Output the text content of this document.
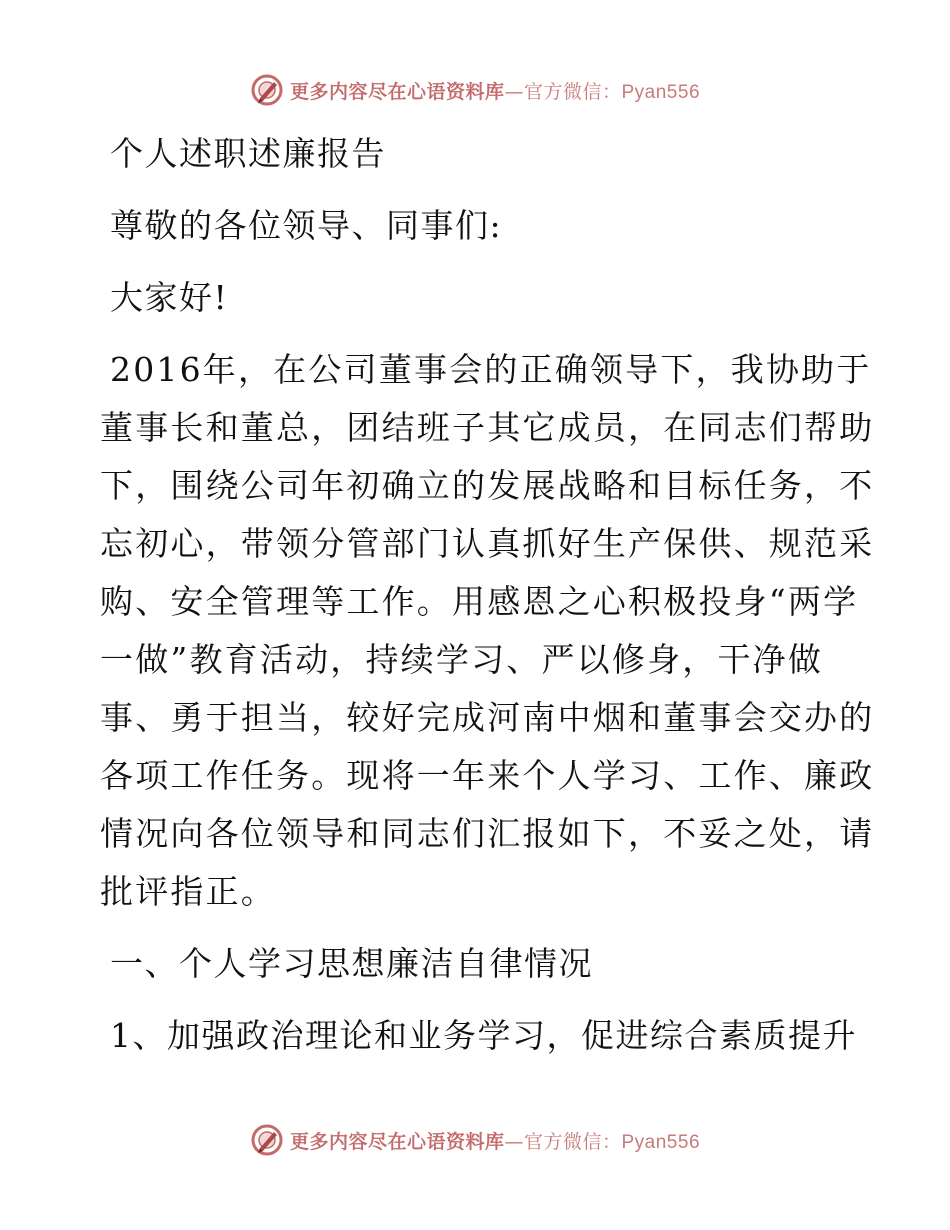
更多内容尽在心语资料库—官方微信：Pyan556
个人述职述廉报告
尊敬的各位领导、同事们:
大家好!
2016年，在公司董事会的正确领导下，我协助于
董事长和董总，团结班子其它成员，在同志们帮助
下，围绕公司年初确立的发展战略和目标任务，不
忘初心，带领分管部门认真抓好生产保供、规范采
购、安全管理等工作。用感恩之心积极投身“两学
一做”教育活动，持续学习、严以修身，干净做
事、勇于担当，较好完成河南中烟和董事会交办的
各项工作任务。现将一年来个人学习、工作、廉政
情况向各位领导和同志们汇报如下，不妥之处，请
批评指正。
一、个人学习思想廉洁自律情况
1、加强政治理论和业务学习，促进综合素质提升
更多内容尽在心语资料库—官方微信：Pyan556
